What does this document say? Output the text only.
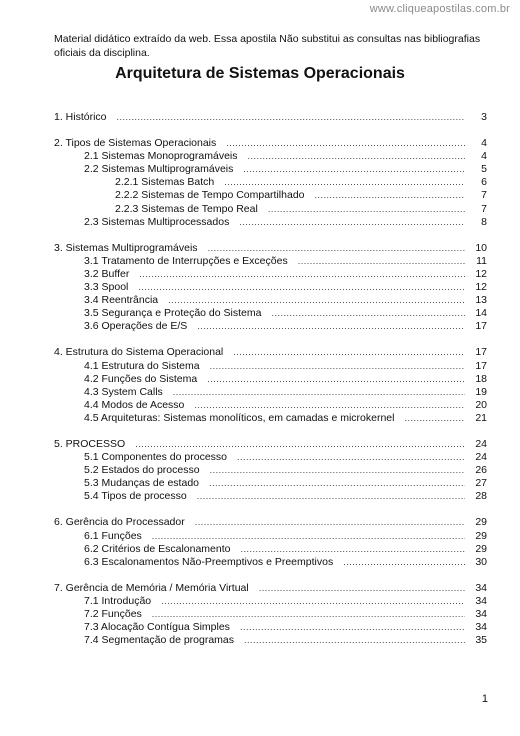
www.cliqueapostilas.com.br
Material didático extraído da web. Essa apostila Não substitui as consultas nas bibliografias oficiais da disciplina.
Arquitetura de Sistemas Operacionais
1. Histórico .....	3
2. Tipos de Sistemas Operacionais .....	4
2.1 Sistemas Monoprogramáveis .....	4
2.2 Sistemas Multiprogramáveis .....	5
2.2.1 Sistemas Batch .....	6
2.2.2 Sistemas de Tempo Compartilhado .....	7
2.2.3 Sistemas de Tempo Real .....	7
2.3 Sistemas Multiprocessados .....	8
3. Sistemas Multiprogramáveis .....	10
3.1 Tratamento de Interrupções e Exceções .....	11
3.2 Buffer .....	12
3.3 Spool .....	12
3.4 Reentrância .....	13
3.5 Segurança e Proteção do Sistema .....	14
3.6 Operações de E/S .....	17
4. Estrutura do Sistema Operacional .....	17
4.1 Estrutura do Sistema .....	17
4.2 Funções do Sistema .....	18
4.3 System Calls .....	19
4.4 Modos de Acesso .....	20
4.5 Arquiteturas: Sistemas monolíticos, em camadas e microkernel .....	21
5. PROCESSO .....	24
5.1 Componentes do processo .....	24
5.2 Estados do processo .....	26
5.3 Mudanças de estado .....	27
5.4 Tipos de processo .....	28
6. Gerência do Processador .....	29
6.1 Funções .....	29
6.2 Critérios de Escalonamento .....	29
6.3 Escalonamentos Não-Preemptivos e Preemptivos .....	30
7. Gerência de Memória / Memória Virtual .....	34
7.1 Introdução .....	34
7.2 Funções .....	34
7.3 Alocação Contígua Simples .....	34
7.4 Segmentação de programas .....	35
1
